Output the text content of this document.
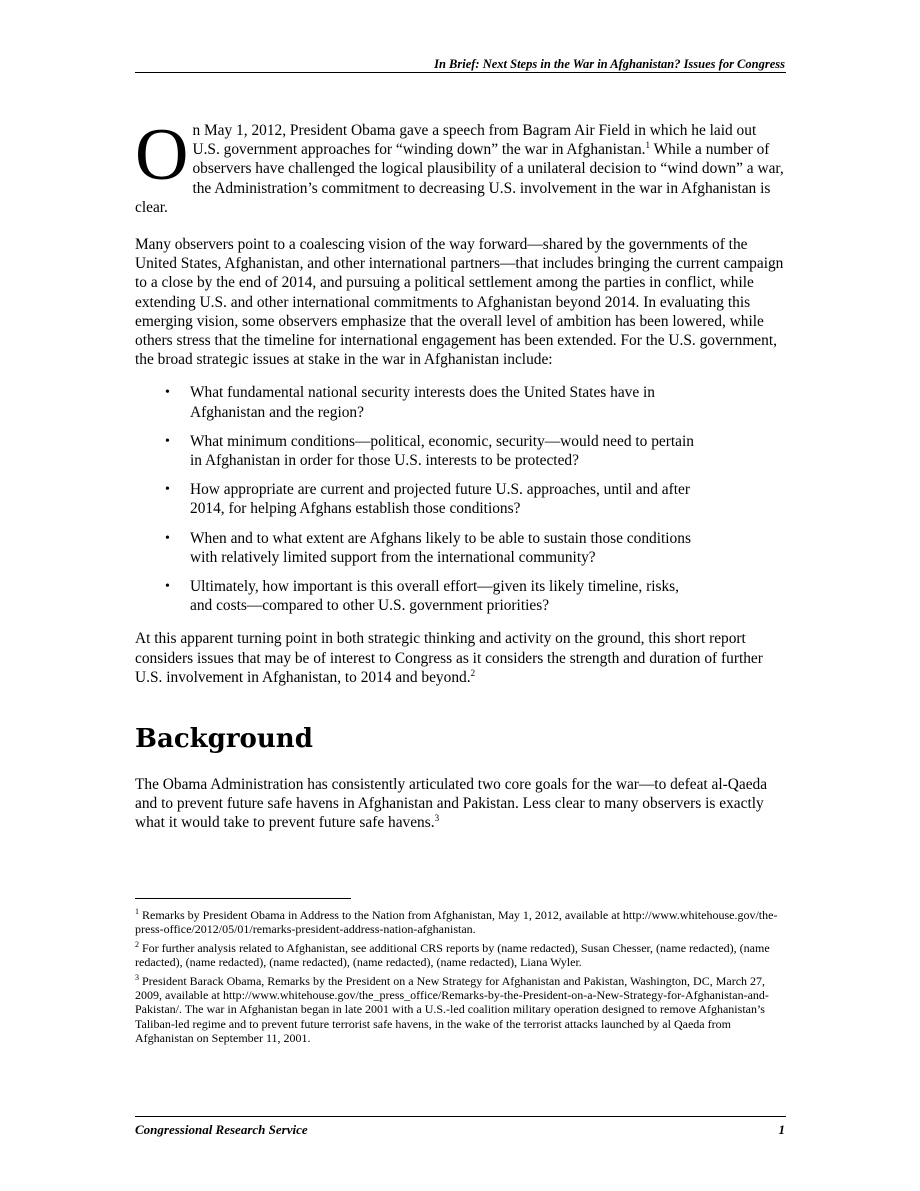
In Brief: Next Steps in the War in Afghanistan? Issues for Congress

On May 1, 2012, President Obama gave a speech from Bagram Air Field in which he laid out U.S. government approaches for “winding down” the war in Afghanistan.$^1$ While a number of observers have challenged the logical plausibility of a unilateral decision to “wind down” a war, the Administration’s commitment to decreasing U.S. involvement in the war in Afghanistan is clear.

Many observers point to a coalescing vision of the way forward—shared by the governments of the United States, Afghanistan, and other international partners—that includes bringing the current campaign to a close by the end of 2014, and pursuing a political settlement among the parties in conflict, while extending U.S. and other international commitments to Afghanistan beyond 2014. In evaluating this emerging vision, some observers emphasize that the overall level of ambition has been lowered, while others stress that the timeline for international engagement has been extended. For the U.S. government, the broad strategic issues at stake in the war in Afghanistan include:

• What fundamental national security interests does the United States have in Afghanistan and the region?
• What minimum conditions—political, economic, security—would need to pertain in Afghanistan in order for those U.S. interests to be protected?
• How appropriate are current and projected future U.S. approaches, until and after 2014, for helping Afghans establish those conditions?
• When and to what extent are Afghans likely to be able to sustain those conditions with relatively limited support from the international community?
• Ultimately, how important is this overall effort—given its likely timeline, risks, and costs—compared to other U.S. government priorities?

At this apparent turning point in both strategic thinking and activity on the ground, this short report considers issues that may be of interest to Congress as it considers the strength and duration of further U.S. involvement in Afghanistan, to 2014 and beyond.$^2$

Background

The Obama Administration has consistently articulated two core goals for the war—to defeat al-Qaeda and to prevent future safe havens in Afghanistan and Pakistan. Less clear to many observers is exactly what it would take to prevent future safe havens.$^3$

$^1$ Remarks by President Obama in Address to the Nation from Afghanistan, May 1, 2012, available at http://www.whitehouse.gov/the-press-office/2012/05/01/remarks-president-address-nation-afghanistan.
$^2$ For further analysis related to Afghanistan, see additional CRS reports by (name redacted), Susan Chesser, (name redacted), (name redacted), (name redacted), (name redacted), (name redacted), (name redacted), Liana Wyler.
$^3$ President Barack Obama, Remarks by the President on a New Strategy for Afghanistan and Pakistan, Washington, DC, March 27, 2009, available at http://www.whitehouse.gov/the_press_office/Remarks-by-the-President-on-a-New-Strategy-for-Afghanistan-and-Pakistan/. The war in Afghanistan began in late 2001 with a U.S.-led coalition military operation designed to remove Afghanistan’s Taliban-led regime and to prevent future terrorist safe havens, in the wake of the terrorist attacks launched by al Qaeda from Afghanistan on September 11, 2001.
Congressional Research Service	1
